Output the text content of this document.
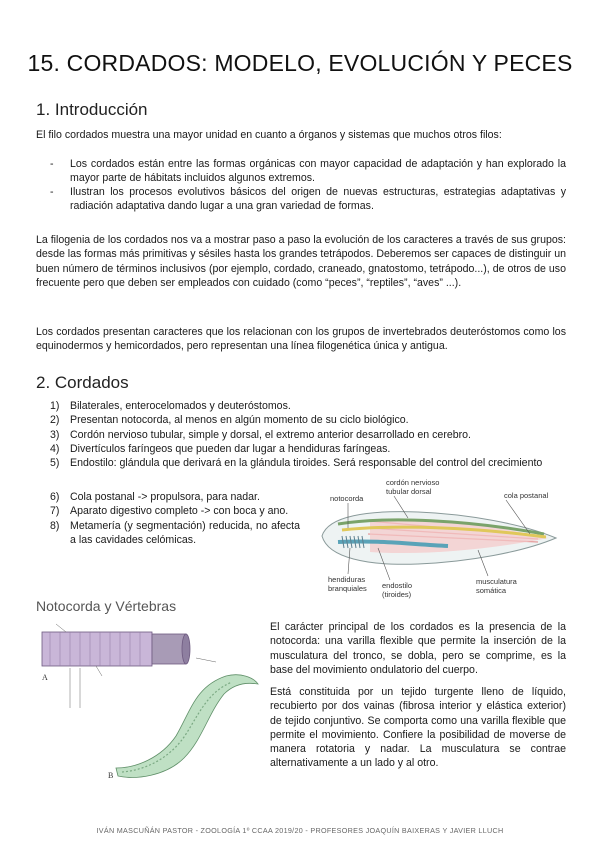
15. CORDADOS: MODELO, EVOLUCIÓN Y PECES
1. Introducción

El filo cordados muestra una mayor unidad en cuanto a órganos y sistemas que muchos otros filos:

- Los cordados están entre las formas orgánicas con mayor capacidad de adaptación y han explorado la mayor parte de hábitats incluidos algunos extremos.
- Ilustran los procesos evolutivos básicos del origen de nuevas estructuras, estrategias adaptativas y radiación adaptativa dando lugar a una gran variedad de formas.

La filogenia de los cordados nos va a mostrar paso a paso la evolución de los caracteres a través de sus grupos: desde las formas más primitivas y sésiles hasta los grandes tetrápodos. Deberemos ser capaces de distinguir un buen número de términos inclusivos (por ejemplo, cordado, craneado, gnatostomo, tetrápodo...), de otros de uso frecuente pero que deben ser empleados con cuidado (como “peces”, “reptiles”, “aves” ...).

Los cordados presentan caracteres que los relacionan con los grupos de invertebrados deuteróstomos como los equinodermos y hemicordados, pero representan una línea filogenética única y antigua.

2. Cordados
1) Bilaterales, enterocelomados y deuteróstomos.
2) Presentan notocorda, al menos en algún momento de su ciclo biológico.
3) Cordón nervioso tubular, simple y dorsal, el extremo anterior desarrollado en cerebro.
4) Divertículos faríngeos que pueden dar lugar a hendiduras faríngeas.
5) Endostilo: glándula que derivará en la glándula tiroides. Será responsable del control del crecimiento
6) Cola postanal -> propulsora, para nadar.
7) Aparato digestivo completo -> con boca y ano.
8) Metamería (y segmentación) reducida, no afecta a las cavidades celómicas.
notocorda
cordón nervioso
tubular dorsal	cola postanal
hendiduras
branquiales endostilo
(tiroides)
musculatura
somática
Notocorda y Vértebras
A
B

El carácter principal de los cordados es la presencia de la notocorda: una varilla flexible que permite la inserción de la musculatura del tronco, se dobla, pero se comprime, es la base del movimiento ondulatorio del cuerpo.

Está constituida por un tejido turgente lleno de líquido, recubierto por dos vainas (fibrosa interior y elástica exterior) de tejido conjuntivo. Se comporta como una varilla flexible que permite el movimiento. Confiere la posibilidad de moverse de manera rotatoria y nadar. La musculatura se contrae alternativamente a un lado y al otro.

IVÁN MASCUÑÁN PASTOR - ZOOLOGÍA 1º CCAA 2019/20 - PROFESORES JOAQUÍN BAIXERAS Y JAVIER LLUCH
